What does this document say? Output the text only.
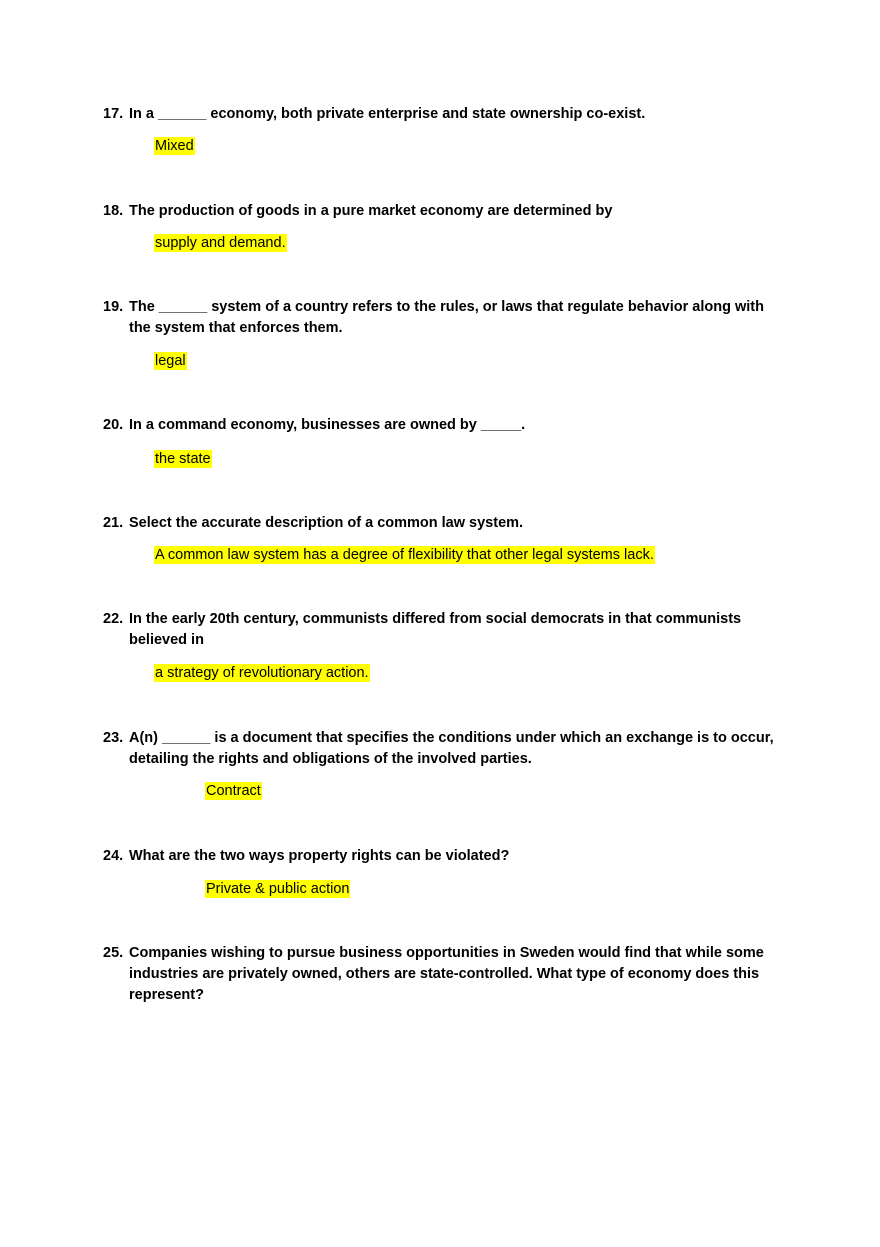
17. In a ______ economy, both private enterprise and state ownership co-exist.
Mixed
18. The production of goods in a pure market economy are determined by
supply and demand.
19. The ______ system of a country refers to the rules, or laws that regulate behavior along with the system that enforces them.
legal
20. In a command economy, businesses are owned by _____.
the state
21. Select the accurate description of a common law system.
A common law system has a degree of flexibility that other legal systems lack.
22. In the early 20th century, communists differed from social democrats in that communists believed in
a strategy of revolutionary action.
23. A(n) ______ is a document that specifies the conditions under which an exchange is to occur, detailing the rights and obligations of the involved parties.
Contract
24. What are the two ways property rights can be violated?
Private & public action
25. Companies wishing to pursue business opportunities in Sweden would find that while some industries are privately owned, others are state-controlled. What type of economy does this represent?
